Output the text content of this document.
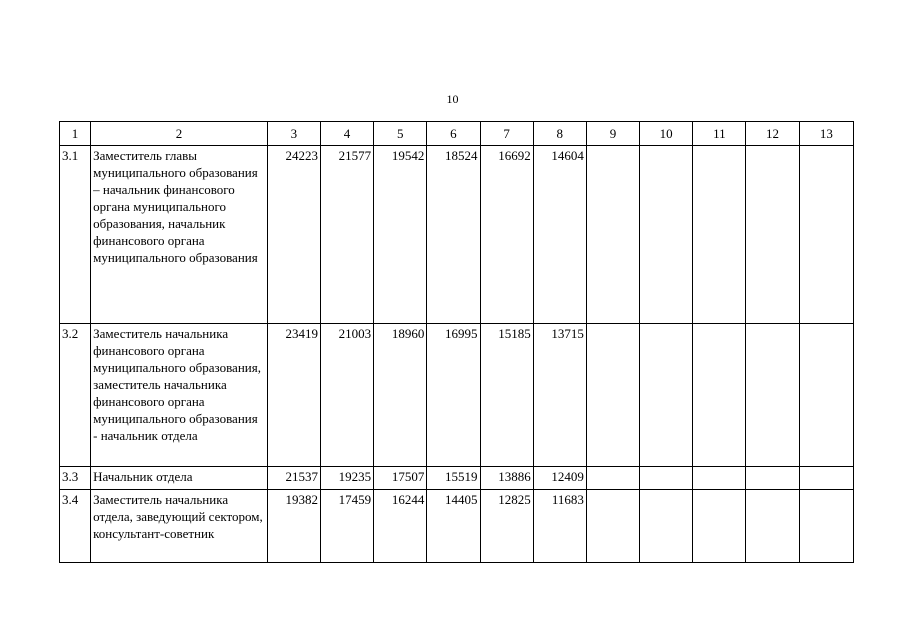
10
1	2	3	4	5	6	7	8	9	10	11	12	13
3.1	Заместитель главы муниципального образования – начальник финансового органа муниципального образования, начальник финансового органа муниципального образования	24223	21577	19542	18524	16692	14604					
3.2	Заместитель начальника финансового органа муниципального образования, заместитель начальника финансового органа муниципального образования - начальник отдела	23419	21003	18960	16995	15185	13715					
3.3	Начальник отдела	21537	19235	17507	15519	13886	12409					
3.4	Заместитель начальника отдела, заведующий сектором, консультант-советник	19382	17459	16244	14405	12825	11683					
